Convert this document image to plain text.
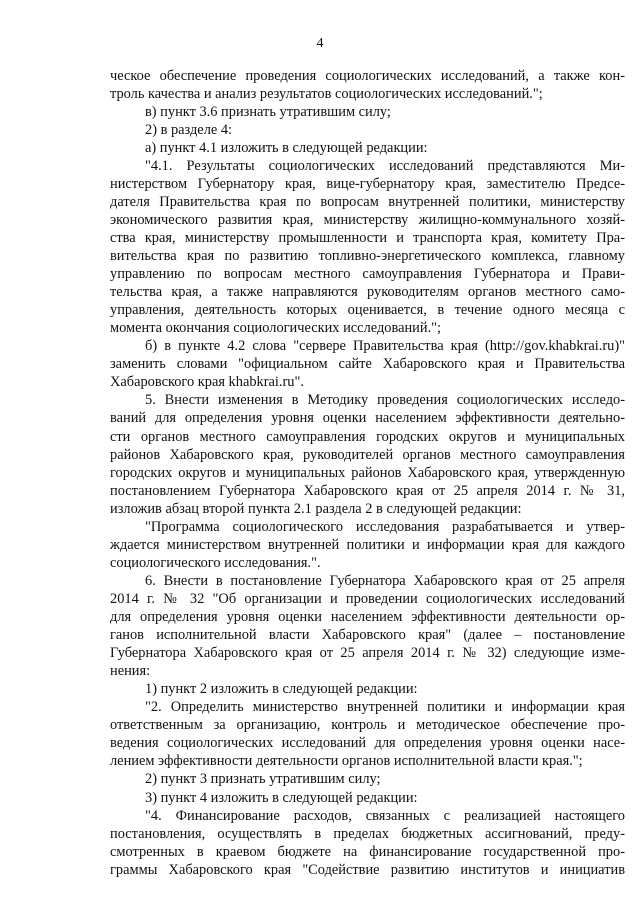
4
ческое обеспечение проведения социологических исследований, а также кон-
троль качества и анализ результатов социологических исследований.";
в) пункт 3.6 признать утратившим силу;
2) в разделе 4:
а) пункт 4.1 изложить в следующей редакции:
"4.1. Результаты социологических исследований представляются Ми-
нистерством Губернатору края, вице-губернатору края, заместителю Предсе-
дателя Правительства края по вопросам внутренней политики, министерству
экономического развития края, министерству жилищно-коммунального хозяй-
ства края, министерству промышленности и транспорта края, комитету Пра-
вительства края по развитию топливно-энергетического комплекса, главному
управлению по вопросам местного самоуправления Губернатора и Прави-
тельства края, а также направляются руководителям органов местного само-
управления, деятельность которых оценивается, в течение одного месяца с
момента окончания социологических исследований.";
б) в пункте 4.2 слова "сервере Правительства края (http://gov.khabkrai.ru)"
заменить словами "официальном сайте Хабаровского края и Правительства
Хабаровского края khabkrai.ru".
5. Внести изменения в Методику проведения социологических исследо-
ваний для определения уровня оценки населением эффективности деятельно-
сти органов местного самоуправления городских округов и муниципальных
районов Хабаровского края, руководителей органов местного самоуправления
городских округов и муниципальных районов Хабаровского края, утвержденную
постановлением Губернатора Хабаровского края от 25 апреля 2014 г. № 31,
изложив абзац второй пункта 2.1 раздела 2 в следующей редакции:
"Программа социологического исследования разрабатывается и утвер-
ждается министерством внутренней политики и информации края для каждого
социологического исследования.".
6. Внести в постановление Губернатора Хабаровского края от 25 апреля
2014 г. № 32 "Об организации и проведении социологических исследований
для определения уровня оценки населением эффективности деятельности ор-
ганов исполнительной власти Хабаровского края" (далее – постановление
Губернатора Хабаровского края от 25 апреля 2014 г. № 32) следующие изме-
нения:
1) пункт 2 изложить в следующей редакции:
"2. Определить министерство внутренней политики и информации края
ответственным за организацию, контроль и методическое обеспечение про-
ведения социологических исследований для определения уровня оценки насе-
лением эффективности деятельности органов исполнительной власти края.";
2) пункт 3 признать утратившим силу;
3) пункт 4 изложить в следующей редакции:
"4. Финансирование расходов, связанных с реализацией настоящего
постановления, осуществлять в пределах бюджетных ассигнований, преду-
смотренных в краевом бюджете на финансирование государственной про-
граммы Хабаровского края "Содействие развитию институтов и инициатив
